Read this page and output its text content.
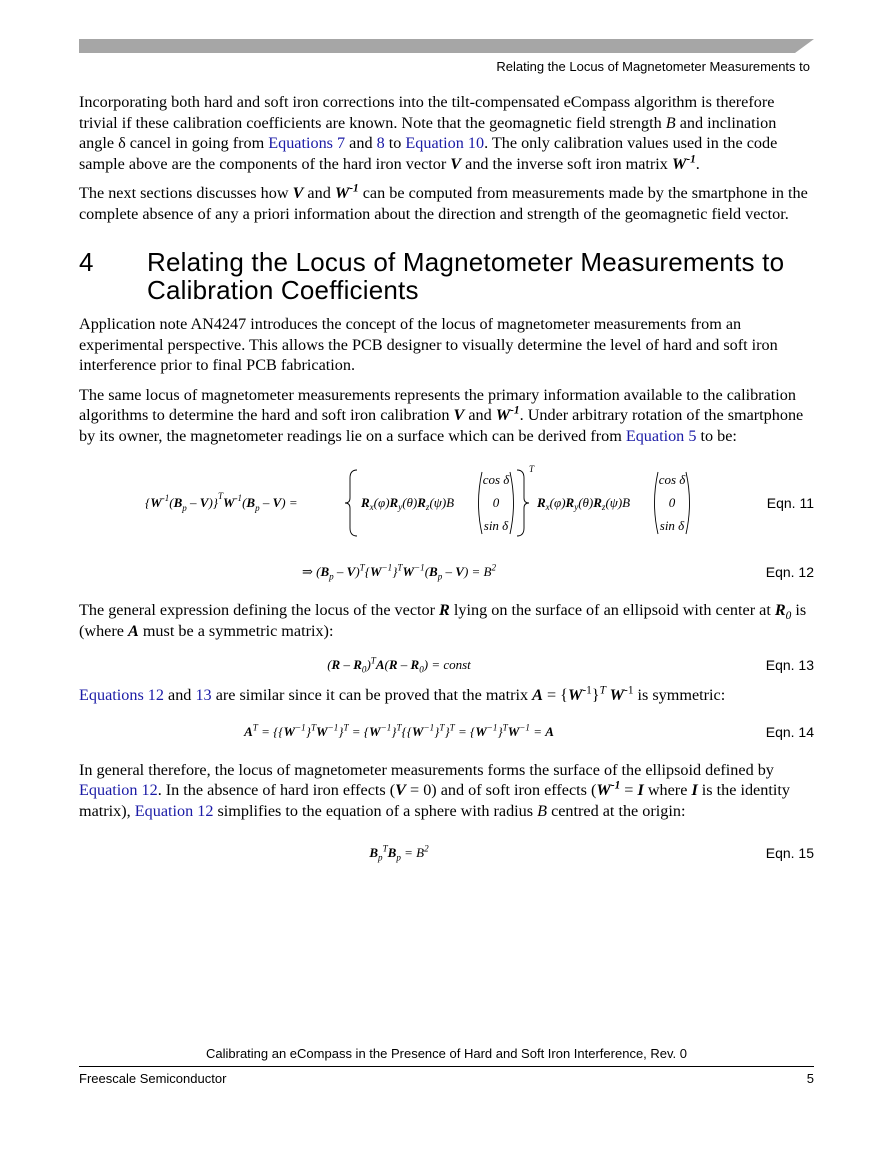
Relating the Locus of Magnetometer Measurements to

Incorporating both hard and soft iron corrections into the tilt-compensated eCompass algorithm is therefore trivial if these calibration coefficients are known. Note that the geomagnetic field strength B and inclination angle δ cancel in going from Equations 7 and 8 to Equation 10. The only calibration values used in the code sample above are the components of the hard iron vector V and the inverse soft iron matrix $W^{-1}$.

The next sections discusses how V and $W^{-1}$ can be computed from measurements made by the smartphone in the complete absence of any a priori information about the direction and strength of the geomagnetic field vector.

4	Relating the Locus of Magnetometer Measurements to Calibration Coefficients

Application note AN4247 introduces the concept of the locus of magnetometer measurements from an experimental perspective. This allows the PCB designer to visually determine the level of hard and soft iron interference prior to final PCB fabrication.

The same locus of magnetometer measurements represents the primary information available to the calibration algorithms to determine the hard and soft iron calibration V and $W^{-1}$. Under arbitrary rotation of the smartphone by its owner, the magnetometer readings lie on a surface which can be derived from Equation 5 to be:

$\{W^{-1}(B_p - V)\}^TW^{-1}(B_p - V)$ =	$R_x(\varphi)R_y(\theta)R_z(\psi)B$
cos δ
0
sin δ
T
$R_x(\varphi)R_y(\theta)R_z(\psi)B$
cos δ
0
sin δ
Eqn. 11
⇒ $(B_p - V)^T\{W^{-1}\}^TW^{-1}(B_p - V) = B^2$	Eqn. 12

The general expression defining the locus of the vector R lying on the surface of an ellipsoid with center at $R_0$ is (where A must be a symmetric matrix):

$(R - R_0)^TA(R - R_0)$ = const	Eqn. 13

Equations 12 and 13 are similar since it can be proved that the matrix $A = \{W^{-1}\}^T$ $W^{-1}$ is symmetric:

$A^T = \{\{W^{-1}\}^TW^{-1}\}^T = \{W^{-1}\}^T\{\{W^{-1}\}^T\}^T = \{W^{-1}\}^TW^{-1} = A$	Eqn. 14

In general therefore, the locus of magnetometer measurements forms the surface of the ellipsoid defined by Equation 12. In the absence of hard iron effects (V = 0) and of soft iron effects ($W^{-1} = I$ where I is the identity matrix), Equation 12 simplifies to the equation of a sphere with radius B centred at the origin:

$B_p^TB_p = B^2$	Eqn. 15
Calibrating an eCompass in the Presence of Hard and Soft Iron Interference, Rev. 0
Freescale Semiconductor	5
